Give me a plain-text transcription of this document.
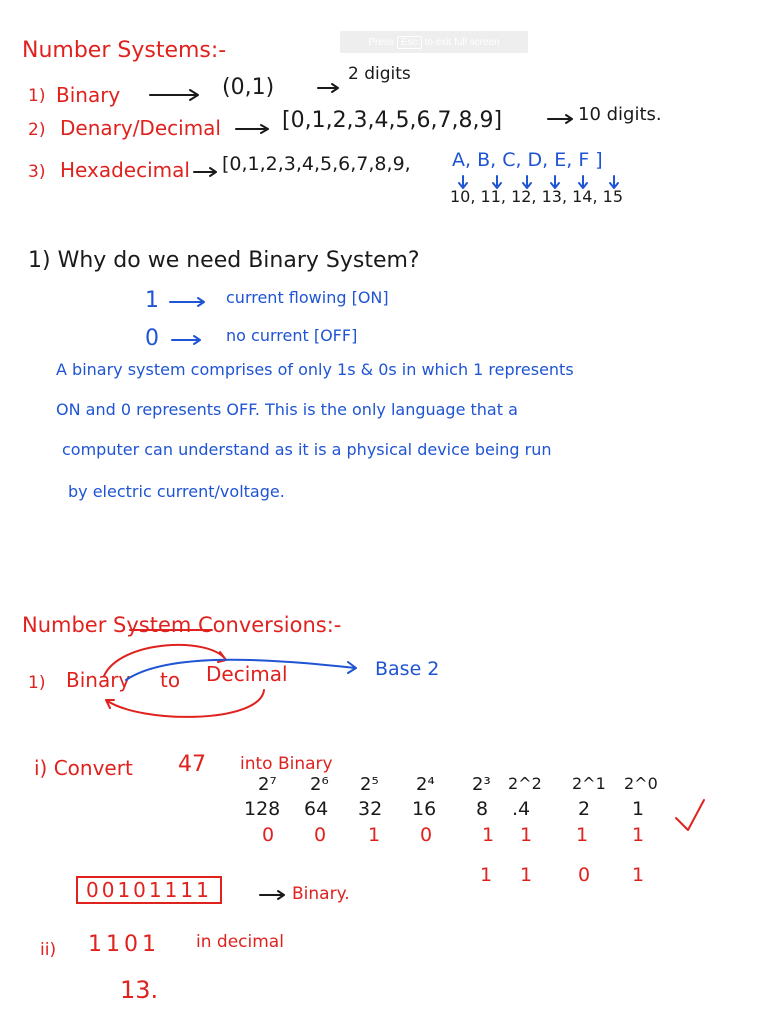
Press Esc to exit full screen
Number Systems:-
1) Binary	(0,1)
2 digits
2) Denary/Decimal	[0,1,2,3,4,5,6,7,8,9]	10 digits.
3) Hexadecimal [0,1,2,3,4,5,6,7,8,9, A, B, C, D, E, F ]
10, 11, 12, 13, 14, 15
1) Why do we need Binary System?
1	current flowing [ON]
0	no current [OFF]
A binary system comprises of only 1s & 0s in which 1 represents
ON and 0 represents OFF. This is the only language that a
computer can understand as it is a physical device being run
by electric current/voltage.
Number System Conversions:-
1) Binary to Decimal	Base 2
i) Convert 47 into Binary
2⁷ 2⁶ 2⁵ 2⁴ 2³ 2^2 2^1 2^0
128 64 32 16 8 .4	2 1
0 0 1 0	1 1 1 1
1 1 0 1
00101111	Binary.
ii) 1101 in decimal
13.
